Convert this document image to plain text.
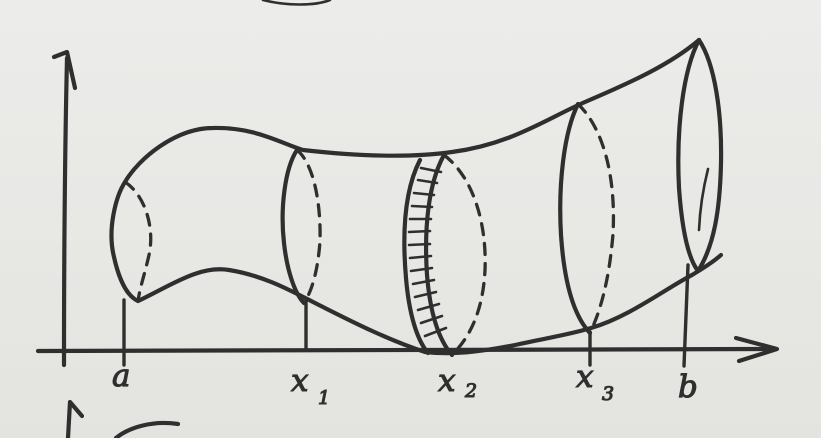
a	x 1	x 2	x 3 b
